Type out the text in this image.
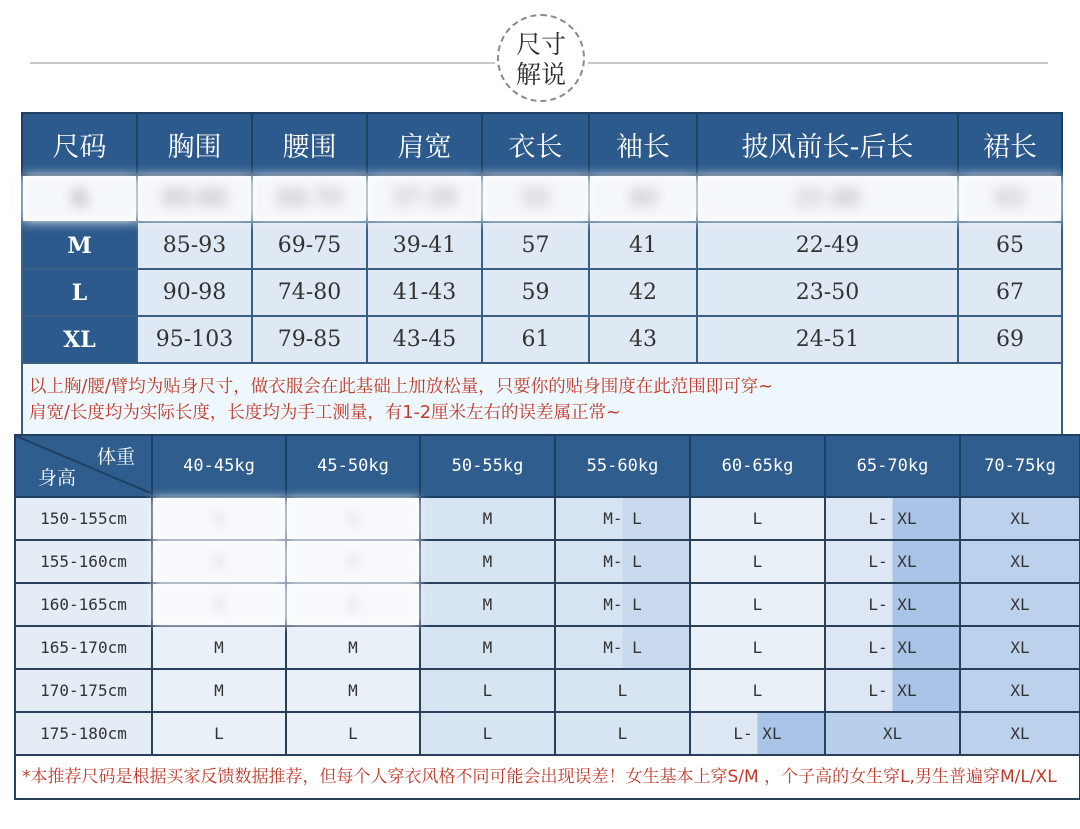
尺寸
解说
尺码	胸围	腰围	肩宽	衣长	袖长	披风前长-后长	裙长
S	80-88	64-70	37-39	55	40	21-48	63
M	85-93	69-75	39-41	57	41	22-49	65
L	90-98	74-80	41-43	59	42	23-50	67
XL	95-103	79-85	43-45	61	43	24-51	69

以上胸/腰/臂均为贴身尺寸，做衣服会在此基础上加放松量，只要你的贴身围度在此范围即可穿~
肩宽/长度均为实际长度，长度均为手工测量，有1-2厘米左右的误差属正常~							
体重
身高	40-45kg	45-50kg	50-55kg	55-60kg	60-65kg	65-70kg	70-75kg
150-155cm	S	S	M	M- L	L	L- XL	XL
155-160cm	S	S	M	M- L	L	L- XL	XL
160-165cm	S	S	M	M- L	L	L- XL	XL
165-170cm	M	M	M	M- L	L	L- XL	XL
170-175cm	M	M	L	L	L	L- XL	XL
175-180cm	L	L	L	L	L- XL	XL	XL
*本推荐尺码是根据买家反馈数据推荐，但每个人穿衣风格不同可能会出现误差！女生基本上穿S/M ，个子高的女生穿L,男生普遍穿M/L/XL							
